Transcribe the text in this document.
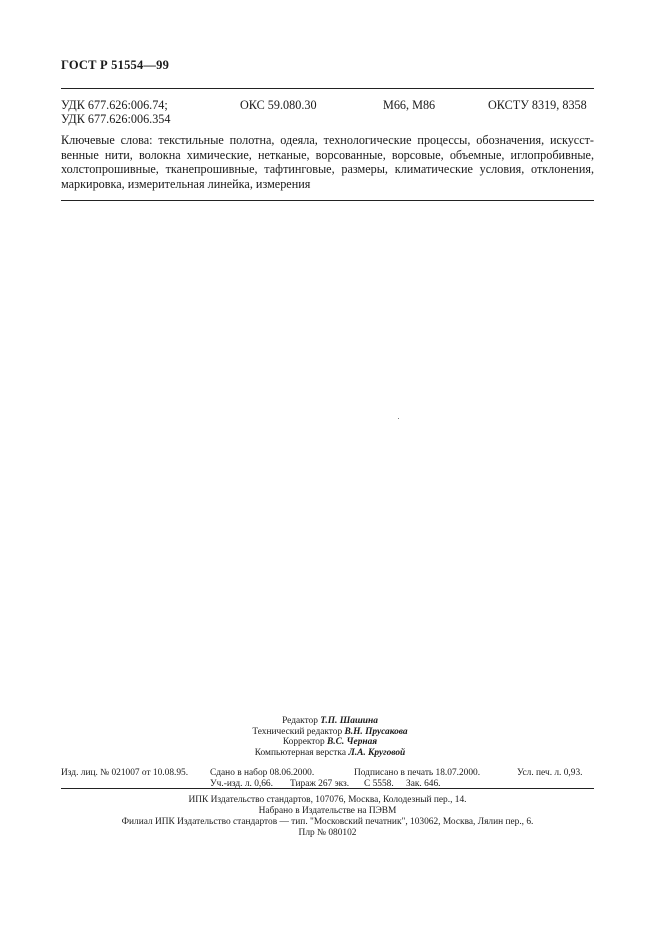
ГОСТ Р 51554—99
УДК 677.626:006.74;
УДК 677.626:006.354
ОКС 59.080.30	М66, М86	ОКСТУ 8319, 8358
Ключевые слова: текстильные полотна, одеяла, технологические процессы, обозначения, искусст-
венные нити, волокна химические, нетканые, ворсованные, ворсовые, объемные, иглопробивные,
холстопрошивные, тканепрошивные, тафтинговые, размеры, климатические условия, отклонения,
маркировка, измерительная линейка, измерения
Редактор Т.П. Шашина
Технический редактор В.Н. Прусакова
Корректор В.С. Черная
Компьютерная верстка Л.А. Круговой
Изд. лиц. № 021007 от 10.08.95. Сдано в набор 08.06.2000.	Подписано в печать 18.07.2000.	Усл. печ. л. 0,93.
Уч.-изд. л. 0,66. Тираж 267 экз. С 5558. Зак. 646.
ИПК Издательство стандартов, 107076, Москва, Колодезный пер., 14.
Набрано в Издательстве на ПЭВМ
Филиал ИПК Издательство стандартов — тип. "Московский печатник", 103062, Москва, Лялин пер., 6.
Плр № 080102
